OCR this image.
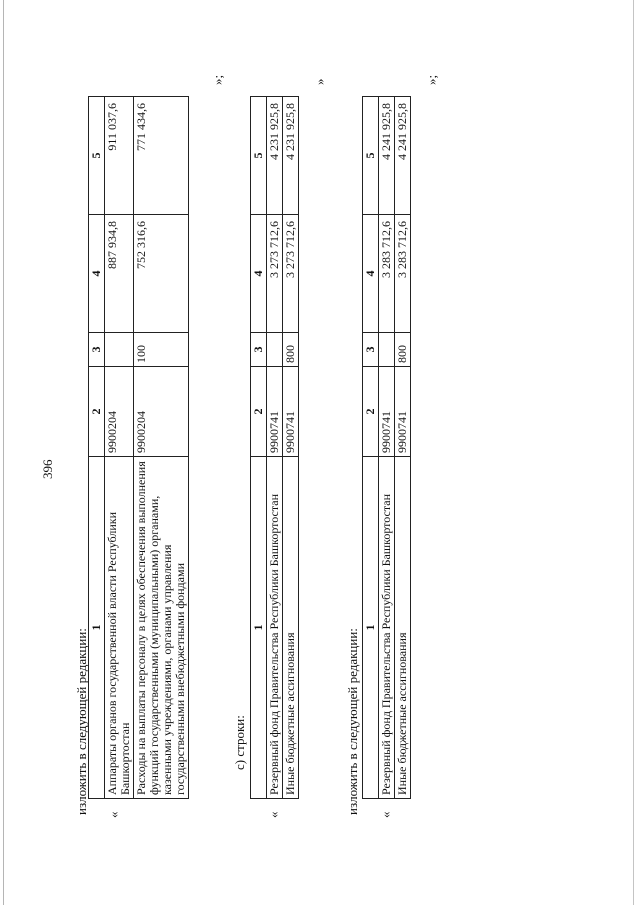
396
изложить в следующей редакции: «
1	2	3	4	5
Аппараты органов государственной власти Республики Башкортостан	9900204		887 934,8	911 037,6
Расходы на выплаты персоналу в целях обеспечения выполнения функций государственными (муниципальными) органами, казенными учреждениями, органами управления государственными внебюджетными фондами	9900204	100	752 316,6	771 434,6
»;
с) строки:
«
1	2	3	4	5
Резервный фонд Правительства Республики Башкортостан	9900741		3 273 712,6	4 231 925,8
Иные бюджетные ассигнования	9900741	800	3 273 712,6	4 231 925,8
»
изложить в следующей редакции: «
1	2	3	4	5
Резервный фонд Правительства Республики Башкортостан	9900741		3 283 712,6	4 241 925,8
Иные бюджетные ассигнования	9900741	800	3 283 712,6	4 241 925,8
»;
